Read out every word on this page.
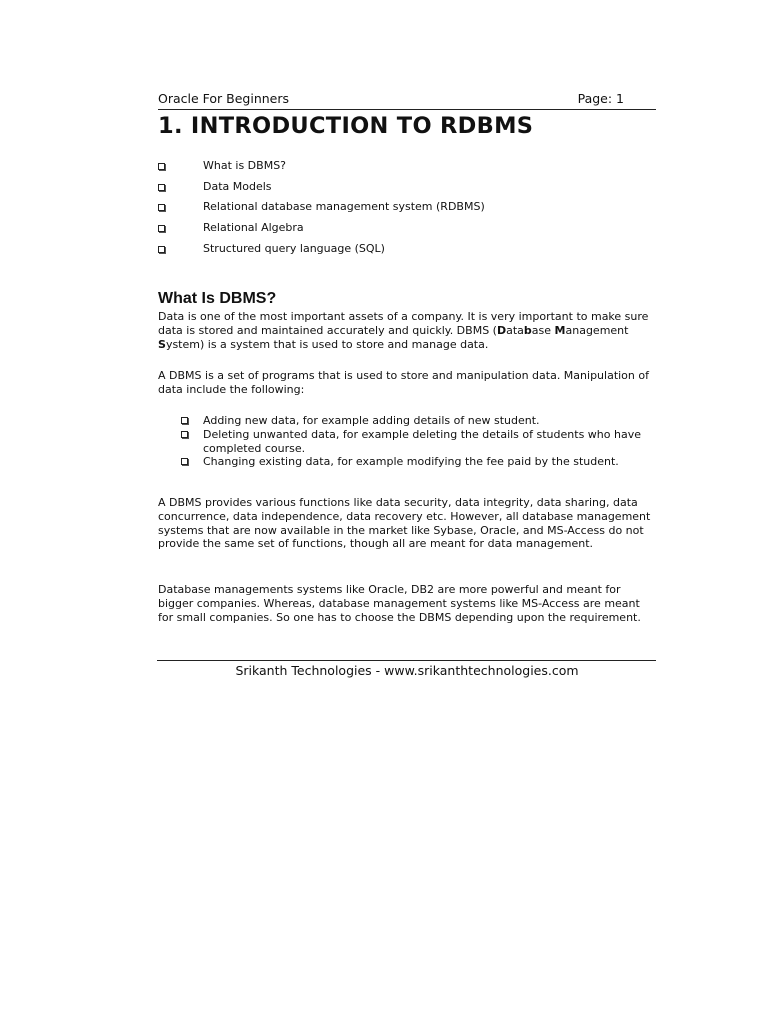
Oracle For Beginners	Page: 1
1. INTRODUCTION TO RDBMS
What is DBMS?
Data Models
Relational database management system (RDBMS)
Relational Algebra
Structured query language (SQL)
What Is DBMS?

Data is one of the most important assets of a company. It is very important to make sure data is stored and maintained accurately and quickly. DBMS (Database Management System) is a system that is used to store and manage data.

A DBMS is a set of programs that is used to store and manipulation data. Manipulation of data include the following:

Adding new data, for example adding details of new student.
Deleting unwanted data, for example deleting the details of students who have completed course.
Changing existing data, for example modifying the fee paid by the student.

A DBMS provides various functions like data security, data integrity, data sharing, data concurrence, data independence, data recovery etc. However, all database management systems that are now available in the market like Sybase, Oracle, and MS-Access do not provide the same set of functions, though all are meant for data management.

Database managements systems like Oracle, DB2 are more powerful and meant for bigger companies. Whereas, database management systems like MS-Access are meant for small companies. So one has to choose the DBMS depending upon the requirement.

Srikanth Technologies - www.srikanthtechnologies.com
